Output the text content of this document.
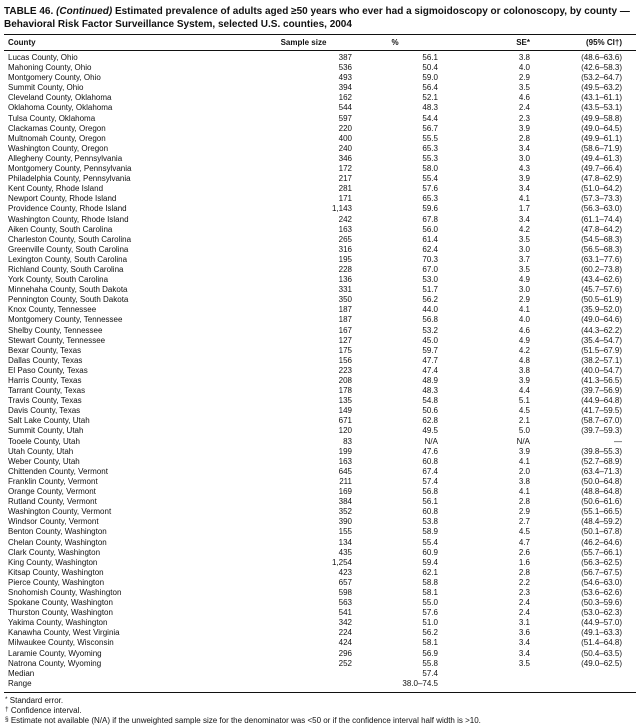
TABLE 46. (Continued) Estimated prevalence of adults aged ≥50 years who ever had a sigmoidoscopy or colonoscopy, by county — Behavioral Risk Factor Surveillance System, selected U.S. counties, 2004

County	Sample size	%	SE*	(95% CI†)
Lucas County, Ohio	387	56.1	3.8	(48.6–63.6)
Mahoning County, Ohio	536	50.4	4.0	(42.6–58.3)
Montgomery County, Ohio	493	59.0	2.9	(53.2–64.7)
Summit County, Ohio	394	56.4	3.5	(49.5–63.2)
Cleveland County, Oklahoma	162	52.1	4.6	(43.1–61.1)
Oklahoma County, Oklahoma	544	48.3	2.4	(43.5–53.1)
Tulsa County, Oklahoma	597	54.4	2.3	(49.9–58.8)
Clackamas County, Oregon	220	56.7	3.9	(49.0–64.5)
Multnomah County, Oregon	400	55.5	2.8	(49.9–61.1)
Washington County, Oregon	240	65.3	3.4	(58.6–71.9)
Allegheny County, Pennsylvania	346	55.3	3.0	(49.4–61.3)
Montgomery County, Pennsylvania	172	58.0	4.3	(49.7–66.4)
Philadelphia County, Pennsylvania	217	55.4	3.9	(47.8–62.9)
Kent County, Rhode Island	281	57.6	3.4	(51.0–64.2)
Newport County, Rhode Island	171	65.3	4.1	(57.3–73.3)
Providence County, Rhode Island	1,143	59.6	1.7	(56.3–63.0)
Washington County, Rhode Island	242	67.8	3.4	(61.1–74.4)
Aiken County, South Carolina	163	56.0	4.2	(47.8–64.2)
Charleston County, South Carolina	265	61.4	3.5	(54.5–68.3)
Greenville County, South Carolina	316	62.4	3.0	(56.5–68.3)
Lexington County, South Carolina	195	70.3	3.7	(63.1–77.6)
Richland County, South Carolina	228	67.0	3.5	(60.2–73.8)
York County, South Carolina	136	53.0	4.9	(43.4–62.6)
Minnehaha County, South Dakota	331	51.7	3.0	(45.7–57.6)
Pennington County, South Dakota	350	56.2	2.9	(50.5–61.9)
Knox County, Tennessee	187	44.0	4.1	(35.9–52.0)
Montgomery County, Tennessee	187	56.8	4.0	(49.0–64.6)
Shelby County, Tennessee	167	53.2	4.6	(44.3–62.2)
Stewart County, Tennessee	127	45.0	4.9	(35.4–54.7)
Bexar County, Texas	175	59.7	4.2	(51.5–67.9)
Dallas County, Texas	156	47.7	4.8	(38.2–57.1)
El Paso County, Texas	223	47.4	3.8	(40.0–54.7)
Harris County, Texas	208	48.9	3.9	(41.3–56.5)
Tarrant County, Texas	178	48.3	4.4	(39.7–56.9)
Travis County, Texas	135	54.8	5.1	(44.9–64.8)
Davis County, Texas	149	50.6	4.5	(41.7–59.5)
Salt Lake County, Utah	671	62.8	2.1	(58.7–67.0)
Summit County, Utah	120	49.5	5.0	(39.7–59.3)
Tooele County, Utah	83	N/A	N/A	—
Utah County, Utah	199	47.6	3.9	(39.8–55.3)
Weber County, Utah	163	60.8	4.1	(52.7–68.9)
Chittenden County, Vermont	645	67.4	2.0	(63.4–71.3)
Franklin County, Vermont	211	57.4	3.8	(50.0–64.8)
Orange County, Vermont	169	56.8	4.1	(48.8–64.8)
Rutland County, Vermont	384	56.1	2.8	(50.6–61.6)
Washington County, Vermont	352	60.8	2.9	(55.1–66.5)
Windsor County, Vermont	390	53.8	2.7	(48.4–59.2)
Benton County, Washington	155	58.9	4.5	(50.1–67.8)
Chelan County, Washington	134	55.4	4.7	(46.2–64.6)
Clark County, Washington	435	60.9	2.6	(55.7–66.1)
King County, Washington	1,254	59.4	1.6	(56.3–62.5)
Kitsap County, Washington	423	62.1	2.8	(56.7–67.5)
Pierce County, Washington	657	58.8	2.2	(54.6–63.0)
Snohomish County, Washington	598	58.1	2.3	(53.6–62.6)
Spokane County, Washington	563	55.0	2.4	(50.3–59.6)
Thurston County, Washington	541	57.6	2.4	(53.0–62.3)
Yakima County, Washington	342	51.0	3.1	(44.9–57.0)
Kanawha County, West Virginia	224	56.2	3.6	(49.1–63.3)
Milwaukee County, Wisconsin	424	58.1	3.4	(51.4–64.8)
Laramie County, Wyoming	296	56.9	3.4	(50.4–63.5)
Natrona County, Wyoming	252	55.8	3.5	(49.0–62.5)
Median		57.4		
Range		38.0–74.5		
* Standard error.
† Confidence interval.
§ Estimate not available (N/A) if the unweighted sample size for the denominator was <50 or if the confidence interval half width is >10.
